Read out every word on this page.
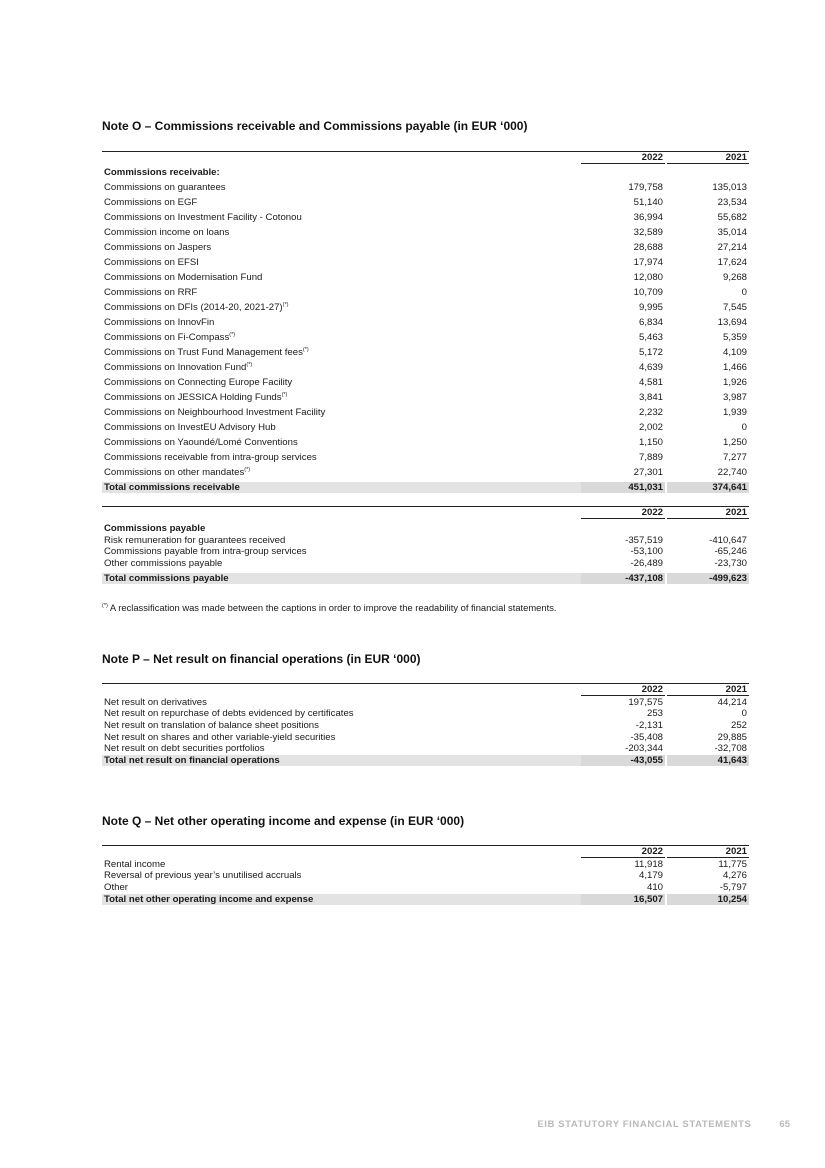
Note O – Commissions receivable and Commissions payable (in EUR ‘000)
2022	2021
Commissions receivable:
Commissions on guarantees	179,758	135,013
Commissions on EGF	51,140	23,534
Commissions on Investment Facility - Cotonou	36,994	55,682
Commission income on loans	32,589	35,014
Commissions on Jaspers	28,688	27,214
Commissions on EFSI	17,974	17,624
Commissions on Modernisation Fund	12,080	9,268
Commissions on RRF	10,709	0
Commissions on DFIs (2014-20, 2021-27)(*)	9,995	7,545
Commissions on InnovFin	6,834	13,694
Commissions on Fi-Compass(*)	5,463	5,359
Commissions on Trust Fund Management fees(*)	5,172	4,109
Commissions on Innovation Fund(*)	4,639	1,466
Commissions on Connecting Europe Facility	4,581	1,926
Commissions on JESSICA Holding Funds(*)	3,841	3,987
Commissions on Neighbourhood Investment Facility	2,232	1,939
Commissions on InvestEU Advisory Hub	2,002	0
Commissions on Yaoundé/Lomé Conventions	1,150	1,250
Commissions receivable from intra-group services	7,889	7,277
Commissions on other mandates(*)	27,301	22,740
Total commissions receivable	451,031	374,641
2022	2021
Commissions payable
Risk remuneration for guarantees received	-357,519	-410,647
Commissions payable from intra-group services	-53,100	-65,246
Other commissions payable	-26,489	-23,730
Total commissions payable	-437,108	-499,623
(*) A reclassification was made between the captions in order to improve the readability of financial statements.
Note P – Net result on financial operations (in EUR ‘000)
2022	2021
Net result on derivatives	197,575	44,214
Net result on repurchase of debts evidenced by certificates	253	0
Net result on translation of balance sheet positions	-2,131	252
Net result on shares and other variable-yield securities	-35,408	29,885
Net result on debt securities portfolios	-203,344	-32,708
Total net result on financial operations	-43,055	41,643
Note Q – Net other operating income and expense (in EUR ‘000)
2022	2021
Rental income	11,918	11,775
Reversal of previous year’s unutilised accruals	4,179	4,276
Other	410	-5,797
Total net other operating income and expense	16,507	10,254
EIB STATUTORY FINANCIAL STATEMENTS	65
